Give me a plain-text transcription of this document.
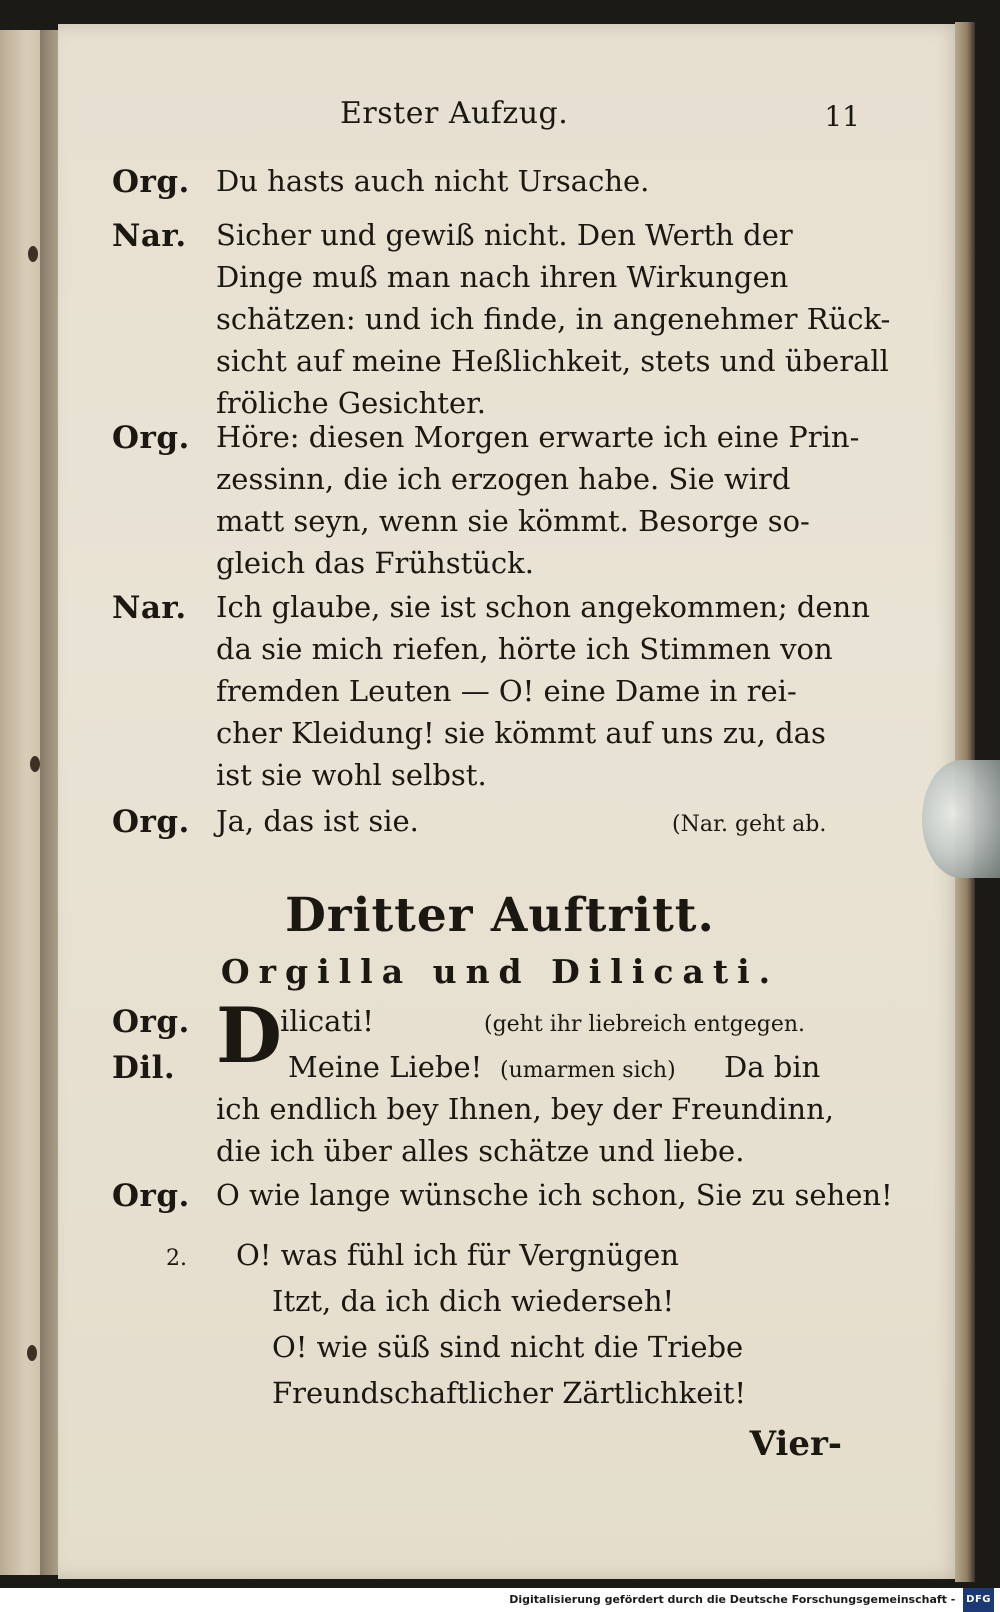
Erster Aufzug.	11
Org. Du hasts auch nicht Ursache.
Nar.	Sicher und gewiß nicht. Den Werth der
Dinge muß man nach ihren Wirkungen
schätzen: und ich finde, in angenehmer Rück-
sicht auf meine Heßlichkeit, stets und überall
fröliche Gesichter.
Org. Höre: diesen Morgen erwarte ich eine Prin-
zessinn, die ich erzogen habe. Sie wird
matt seyn, wenn sie kömmt. Besorge so-
gleich das Frühstück.
Nar.	Ich glaube, sie ist schon angekommen; denn
da sie mich riefen, hörte ich Stimmen von
fremden Leuten — O! eine Dame in rei-
cher Kleidung! sie kömmt auf uns zu, das
ist sie wohl selbst.
Org. Ja, das ist sie.	(Nar. geht ab.
Dritter Auftritt.
Orgilla und Dilicati.
Org. D
ilicati!	(geht ihr liebreich entgegen.
Dil.	Meine Liebe! (umarmen sich) Da bin
ich endlich bey Ihnen, bey der Freundinn,
die ich über alles schätze und liebe.
Org. O wie lange wünsche ich schon, Sie zu sehen!
2. O! was fühl ich für Vergnügen
Itzt, da ich dich wiederseh!
O! wie süß sind nicht die Triebe
Freundschaftlicher Zärtlichkeit!
Vier-
Digitalisierung gefördert durch die Deutsche Forschungsgemeinschaft - DFG
